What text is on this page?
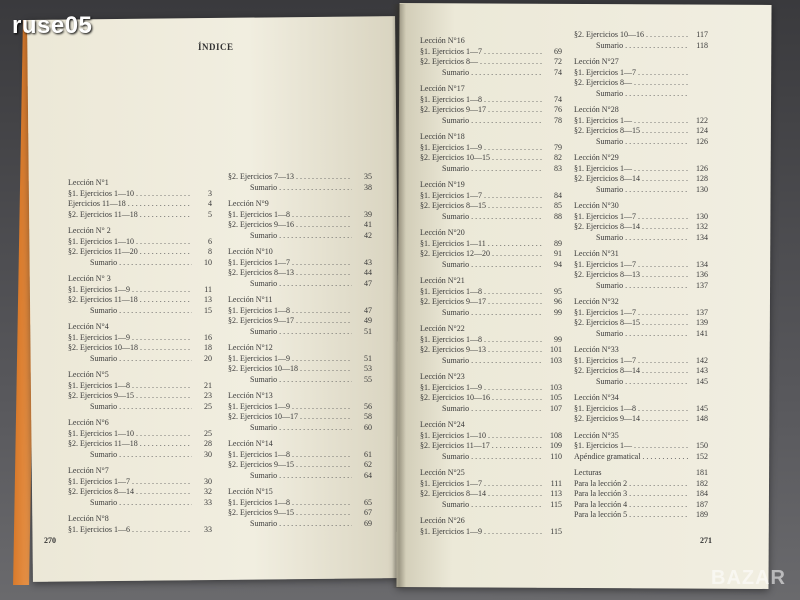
ÍNDICE
Lección N°1
§1. Ejercicios 1—10 . . .	3
Ejercicios 11—18 . . .	4
§2. Ejercicios 11—18 . . .	5
Lección N° 2
§1. Ejercicios 1—10 . . .	6
§2. Ejercicios 11—20 . . .	8
Sumario . . .	10
Lección N° 3
§1. Ejercicios 1—9 . . .	11
§2. Ejercicios 11—18 . . .	13
Sumario . . .	15
Lección N°4
§1. Ejercicios 1—9 . . .	16
§2. Ejercicios 10—18 . . .	18
Sumario . . .	20
Lección N°5
§1. Ejercicios 1—8 . . .	21
§2. Ejercicios 9—15 . . .	23
Sumario . . .	25
Lección N°6
§1. Ejercicios 1—10 . . .	25
§2. Ejercicios 11—18 . . .	28
Sumario . . .	30
Lección N°7
§1. Ejercicios 1—7 . . .	30
§2. Ejercicios 8—14 . . .	32
Sumario . . .	33
Lección N°8
§1. Ejercicios 1—6 . . .	33
§2. Ejercicios 7—13 . . .	35
Sumario . . .	38
Lección N°9
§1. Ejercicios 1—8 . . .	39
§2. Ejercicios 9—16 . . .	41
Sumario . . .	42
Lección N°10
§1. Ejercicios 1—7 . . .	43
§2. Ejercicios 8—13 . . .	44
Sumario . . .	47
Lección N°11
§1. Ejercicios 1—8 . . .	47
§2. Ejercicios 9—17 . . .	49
Sumario . . .	51
Lección N°12
§1. Ejercicios 1—9 . . .	51
§2. Ejercicios 10—18 . . .	53
Sumario . . .	55
Lección N°13
§1. Ejercicios 1—9 . . .	56
§2. Ejercicios 10—17 . . .	58
Sumario . . .	60
Lección N°14
§1. Ejercicios 1—8 . . .	61
§2. Ejercicios 9—15 . . .	62
Sumario . . .	64
Lección N°15
§1. Ejercicios 1—8 . . .	65
§2. Ejercicios 9—15 . . .	67
Sumario . . .	69
Lección N°16
§1. Ejercicios 1—7 . . .	69
§2. Ejercicios 8— . . .	72
Sumario . . .	74
Lección N°17
§1. Ejercicios 1—8 . . .	74
§2. Ejercicios 9—17 . . .	76
Sumario . . .	78
Lección N°18
§1. Ejercicios 1—9 . . .	79
§2. Ejercicios 10—15 . . .	82
Sumario . . .	83
Lección N°19
§1. Ejercicios 1—7 . . .	84
§2. Ejercicios 8—15 . . .	85
Sumario . . .	88
Lección N°20
§1. Ejercicios 1—11 . . .	89
§2. Ejercicios 12—20 . . .	91
Sumario . . .	94
Lección N°21
§1. Ejercicios 1—8 . . .	95
§2. Ejercicios 9—17 . . .	96
Sumario . . .	99
Lección N°22
§1. Ejercicios 1—8 . . .	99
§2. Ejercicios 9—13 . . .	101
Sumario . . .	103
Lección N°23
§1. Ejercicios 1—9 . . .	103
§2. Ejercicios 10—16 . . .	105
Sumario . . .	107
Lección N°24
§1. Ejercicios 1—10 . . .	108
§2. Ejercicios 11—17 . . .	109
Sumario . . .	110
Lección N°25
§1. Ejercicios 1—7 . . .	111
§2. Ejercicios 8—14 . . .	113
Sumario . . .	115
Lección N°26
§1. Ejercicios 1—9 . . .	115
§2. Ejercicios 10—16 . . .	117
Sumario . . .	118
Lección N°27
§1. Ejercicios 1—7 . . .
§2. Ejercicios 8— . . .
Sumario . . .
Lección N°28
§1. Ejercicios 1— . . .	122
§2. Ejercicios 8—15 . . .	124
Sumario . . .	126
Lección N°29
§1. Ejercicios 1— . . .	126
§2. Ejercicios 8—14 . . .	128
Sumario . . .	130
Lección N°30
§1. Ejercicios 1—7 . . .	130
§2. Ejercicios 8—14 . . .	132
Sumario . . .	134
Lección N°31
§1. Ejercicios 1—7 . . .	134
§2. Ejercicios 8—13 . . .	136
Sumario . . .	137
Lección N°32
§1. Ejercicios 1—7 . . .	137
§2. Ejercicios 8—15 . . .	139
Sumario . . .	141
Lección N°33
§1. Ejercicios 1—7 . . .	142
§2. Ejercicios 8—14 . . .	143
Sumario . . .	145
Lección N°34
§1. Ejercicios 1—8 . . .	145
§2. Ejercicios 9—14 . . .	148
Lección N°35
§1. Ejercicios 1— . . .	150
Apéndice gramatical . . .	152
Lecturas	181
Para la lección 2 . . .	182
Para la lección 3 . . .	184
Para la lección 4 . . .	187
Para la lección 5 . . .	189
270	271
ruse05
BAZAR
